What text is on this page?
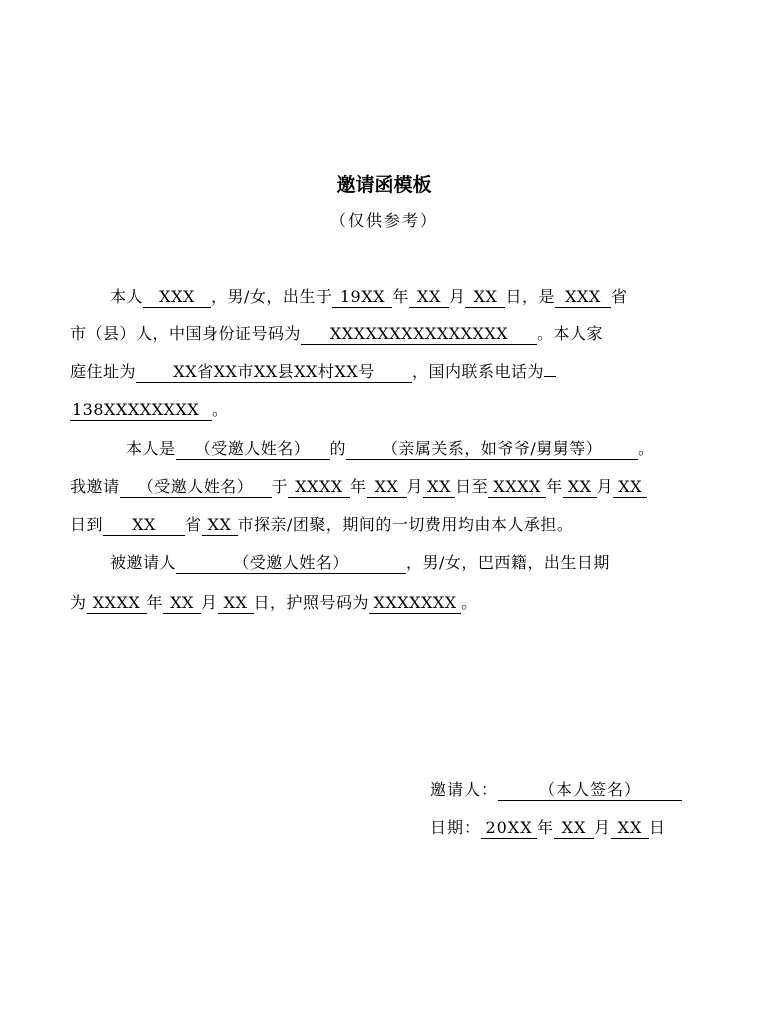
邀请函模板
（仅供参考）
本人 XXX ，男/女，出生于 19XX 年 XX 月 XX 日，是 XXX 省
市（县）人，中国身份证号码为 XXXXXXXXXXXXXXX 。本人家
庭住址为 XX省XX市XX县XX村XX号 ，国内联系电话为
138XXXXXXXX 。
本人是 （受邀人姓名） 的 （亲属关系，如爷爷/舅舅等） 。
我邀请 （受邀人姓名） 于 XXXX 年 XX 月 XX 日至 XXXX 年 XX 月 XX
日到 XX 省 XX 市探亲/团聚，期间的一切费用均由本人承担。
被邀请人	（受邀人姓名）	，男/女，巴西籍，出生日期
为 XXXX 年 XX 月 XX 日，护照号码为 XXXXXXX 。
邀请人：	（本人签名）
日期： 20XX 年 XX 月 XX 日
